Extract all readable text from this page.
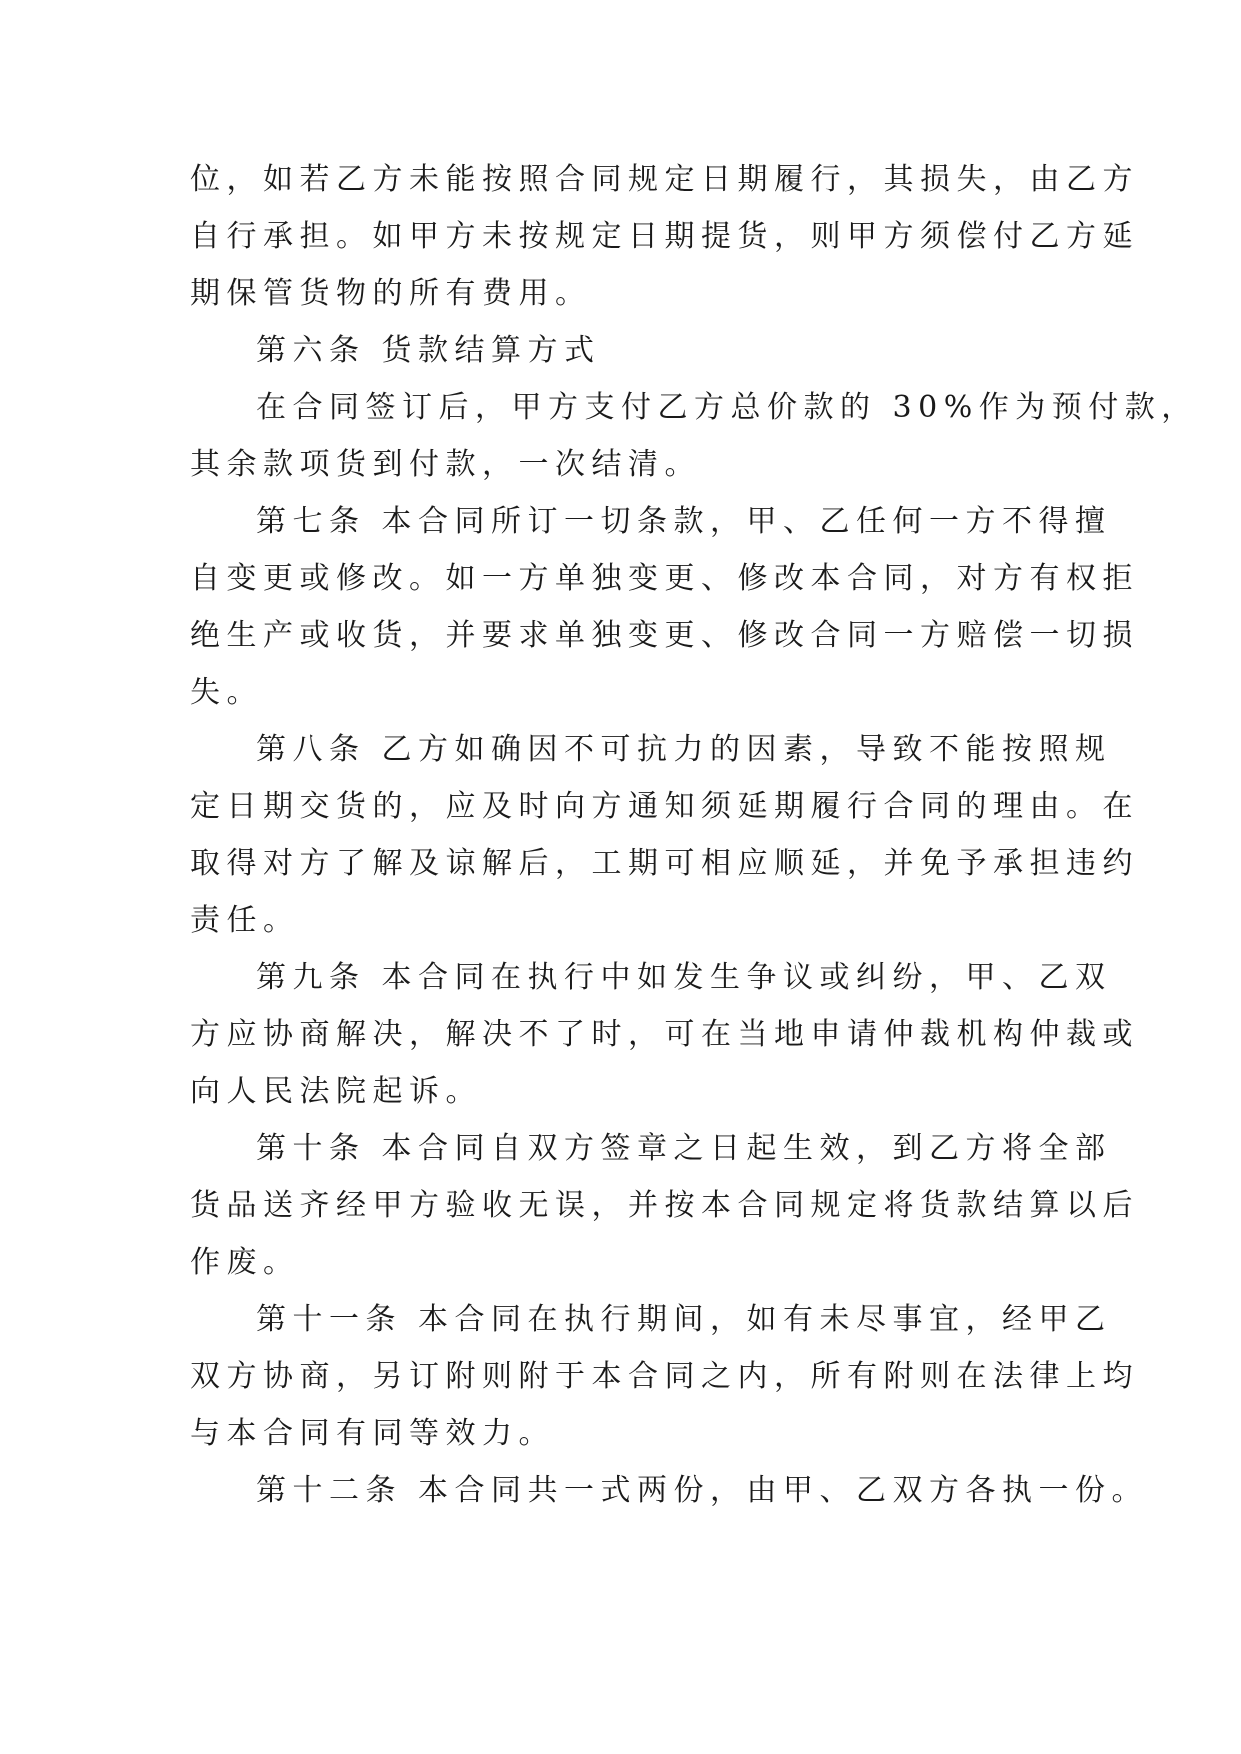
位，如若乙方未能按照合同规定日期履行，其损失，由乙方
自行承担。如甲方未按规定日期提货，则甲方须偿付乙方延
期保管货物的所有费用。
第六条 货款结算方式
在合同签订后，甲方支付乙方总价款的 30%作为预付款，
其余款项货到付款，一次结清。
第七条 本合同所订一切条款，甲、乙任何一方不得擅
自变更或修改。如一方单独变更、修改本合同，对方有权拒
绝生产或收货，并要求单独变更、修改合同一方赔偿一切损
失。
第八条 乙方如确因不可抗力的因素，导致不能按照规
定日期交货的，应及时向方通知须延期履行合同的理由。在
取得对方了解及谅解后，工期可相应顺延，并免予承担违约
责任。
第九条 本合同在执行中如发生争议或纠纷，甲、乙双
方应协商解决，解决不了时，可在当地申请仲裁机构仲裁或
向人民法院起诉。
第十条 本合同自双方签章之日起生效，到乙方将全部
货品送齐经甲方验收无误，并按本合同规定将货款结算以后
作废。
第十一条 本合同在执行期间，如有未尽事宜，经甲乙
双方协商，另订附则附于本合同之内，所有附则在法律上均
与本合同有同等效力。
第十二条 本合同共一式两份，由甲、乙双方各执一份。
